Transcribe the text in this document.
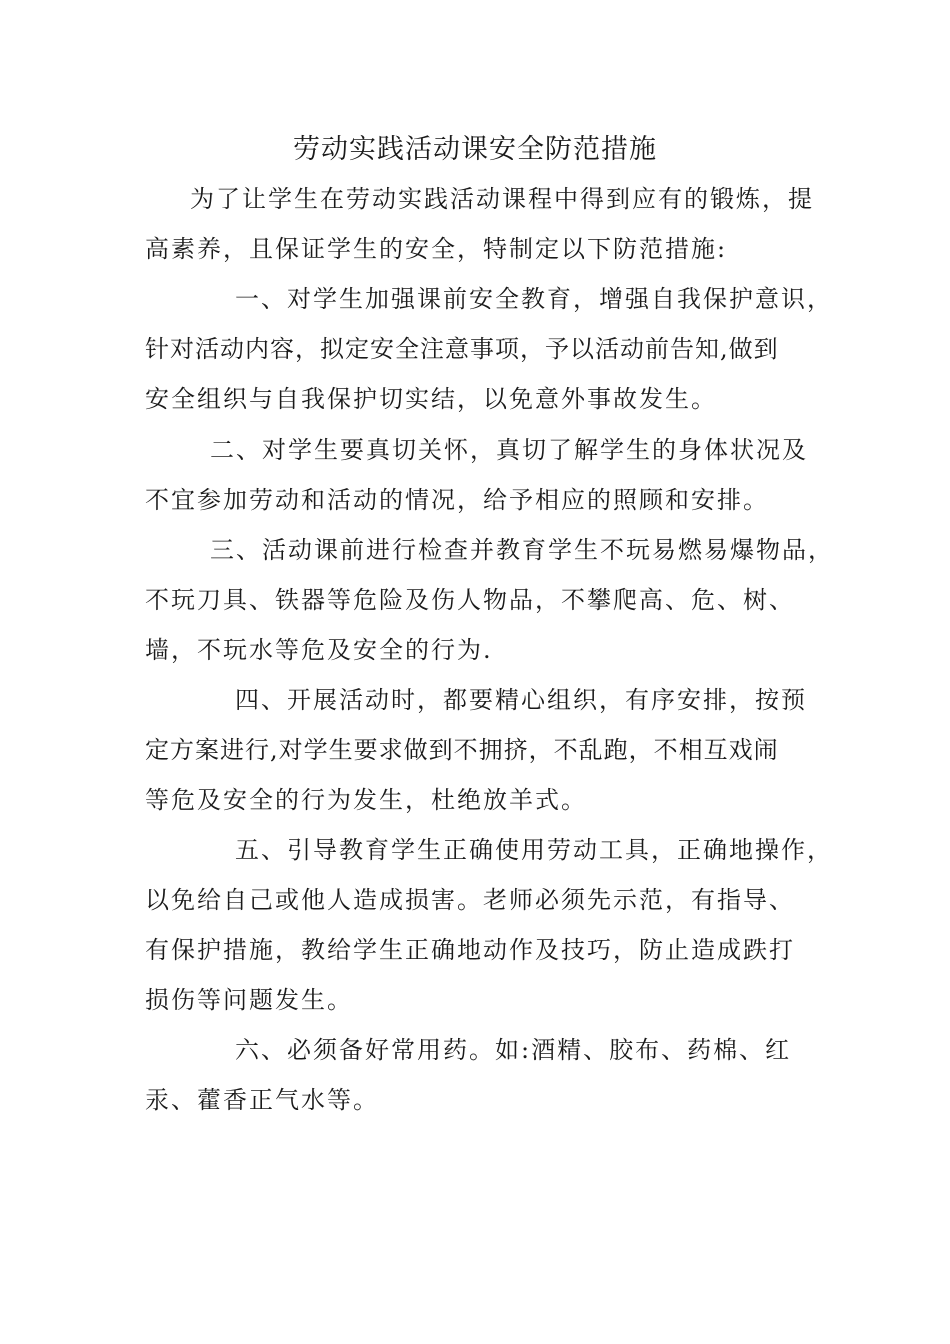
劳动实践活动课安全防范措施
为了让学生在劳动实践活动课程中得到应有的锻炼，提
高素养，且保证学生的安全，特制定以下防范措施:
一、对学生加强课前安全教育，增强自我保护意识，
针对活动内容，拟定安全注意事项，予以活动前告知,做到
安全组织与自我保护切实结，以免意外事故发生。
二、对学生要真切关怀，真切了解学生的身体状况及
不宜参加劳动和活动的情况，给予相应的照顾和安排。
三、活动课前进行检查并教育学生不玩易燃易爆物品，
不玩刀具、铁器等危险及伤人物品，不攀爬高、危、树、
墙，不玩水等危及安全的行为.
四、开展活动时，都要精心组织，有序安排，按预
定方案进行,对学生要求做到不拥挤，不乱跑，不相互戏闹
等危及安全的行为发生，杜绝放羊式。
五、引导教育学生正确使用劳动工具，正确地操作，
以免给自己或他人造成损害。老师必须先示范，有指导、
有保护措施，教给学生正确地动作及技巧，防止造成跌打
损伤等问题发生。
六、必须备好常用药。如:酒精、胶布、药棉、红
汞、藿香正气水等。
